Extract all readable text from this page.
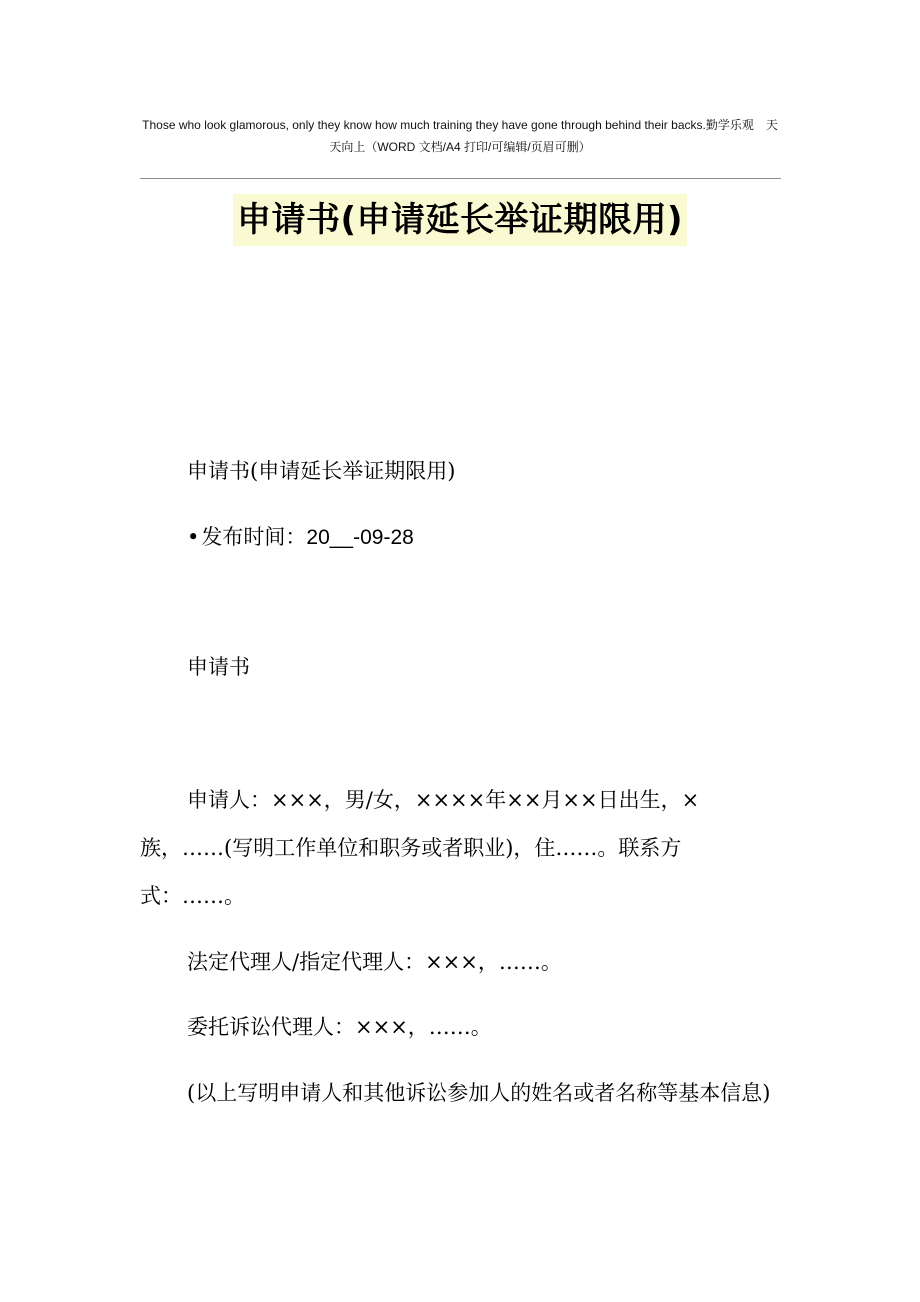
Those who look glamorous, only they know how much training they have gone through behind their backs.勤学乐观　天天向上（WORD 文档/A4 打印/可编辑/页眉可删）
申请书(申请延长举证期限用)

申请书(申请延长举证期限用)

•发布时间：20__-09-28

申请书

申请人：×××，男/女，××××年××月××日出生，×族，……(写明工作单位和职务或者职业)，住……。联系方式：……。

法定代理人/指定代理人：×××，……。

委托诉讼代理人：×××，……。

(以上写明申请人和其他诉讼参加人的姓名或者名称等基本信息)
